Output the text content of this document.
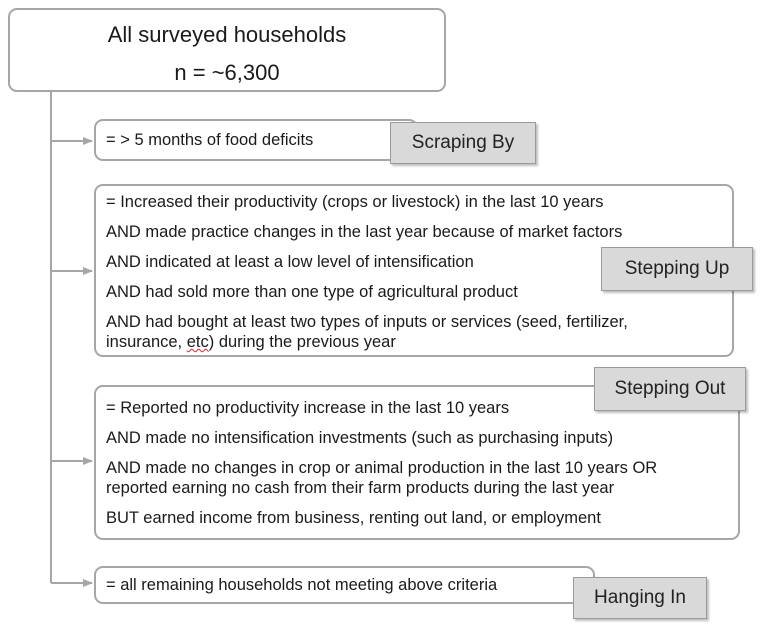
All surveyed households
n = ~6,300
= > 5 months of food deficits	Scraping By
= Increased their productivity (crops or livestock) in the last 10 years
AND made practice changes in the last year because of market factors
AND indicated at least a low level of intensification
AND had sold more than one type of agricultural product
AND had bought at least two types of inputs or services (seed, fertilizer,
insurance, etc) during the previous year
Stepping Up
= Reported no productivity increase in the last 10 years
AND made no intensification investments (such as purchasing inputs)
AND made no changes in crop or animal production in the last 10 years OR
reported earning no cash from their farm products during the last year
BUT earned income from business, renting out land, or employment
Stepping Out
= all remaining households not meeting above criteria
Hanging In
